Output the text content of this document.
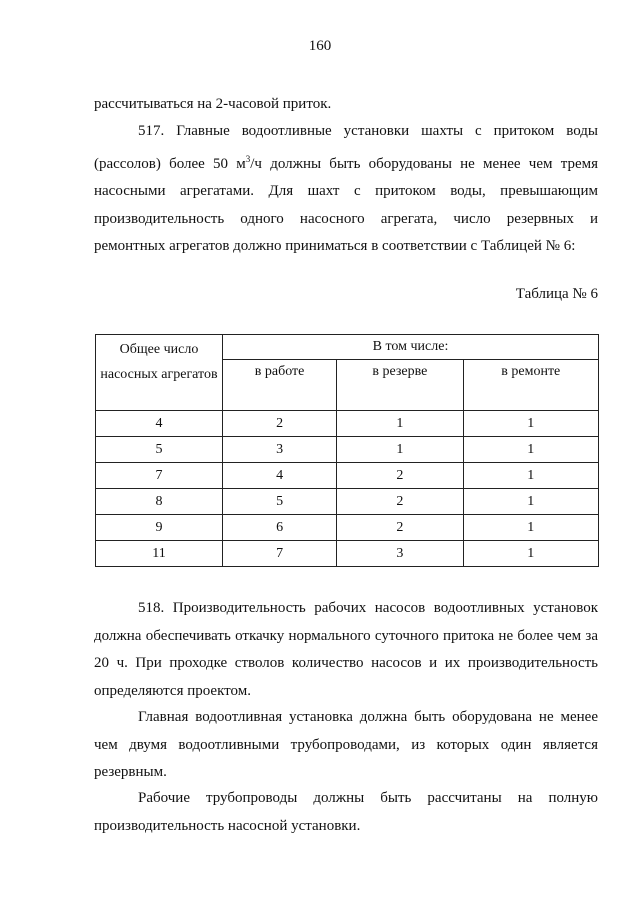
160

рассчитываться на 2-часовой приток.

517. Главные водоотливные установки шахты с притоком воды (рассолов) более 50 $м^3/ч$ должны быть оборудованы не менее чем тремя насосными агрегатами. Для шахт с притоком воды, превышающим производительность одного насосного агрегата, число резервных и ремонтных агрегатов должно приниматься в соответствии с Таблицей № 6:

Таблица № 6
Общее число насосных агрегатов	В том числе:		
	в работе	в резерве	в ремонте
4	2	1	1
5	3	1	1
7	4	2	1
8	5	2	1
9	6	2	1
11	7	3	1

518. Производительность рабочих насосов водоотливных установок должна обеспечивать откачку нормального суточного притока не более чем за 20 ч. При проходке стволов количество насосов и их производительность определяются проектом.

Главная водоотливная установка должна быть оборудована не менее чем двумя водоотливными трубопроводами, из которых один является резервным.

Рабочие трубопроводы должны быть рассчитаны на полную производительность насосной установки.
